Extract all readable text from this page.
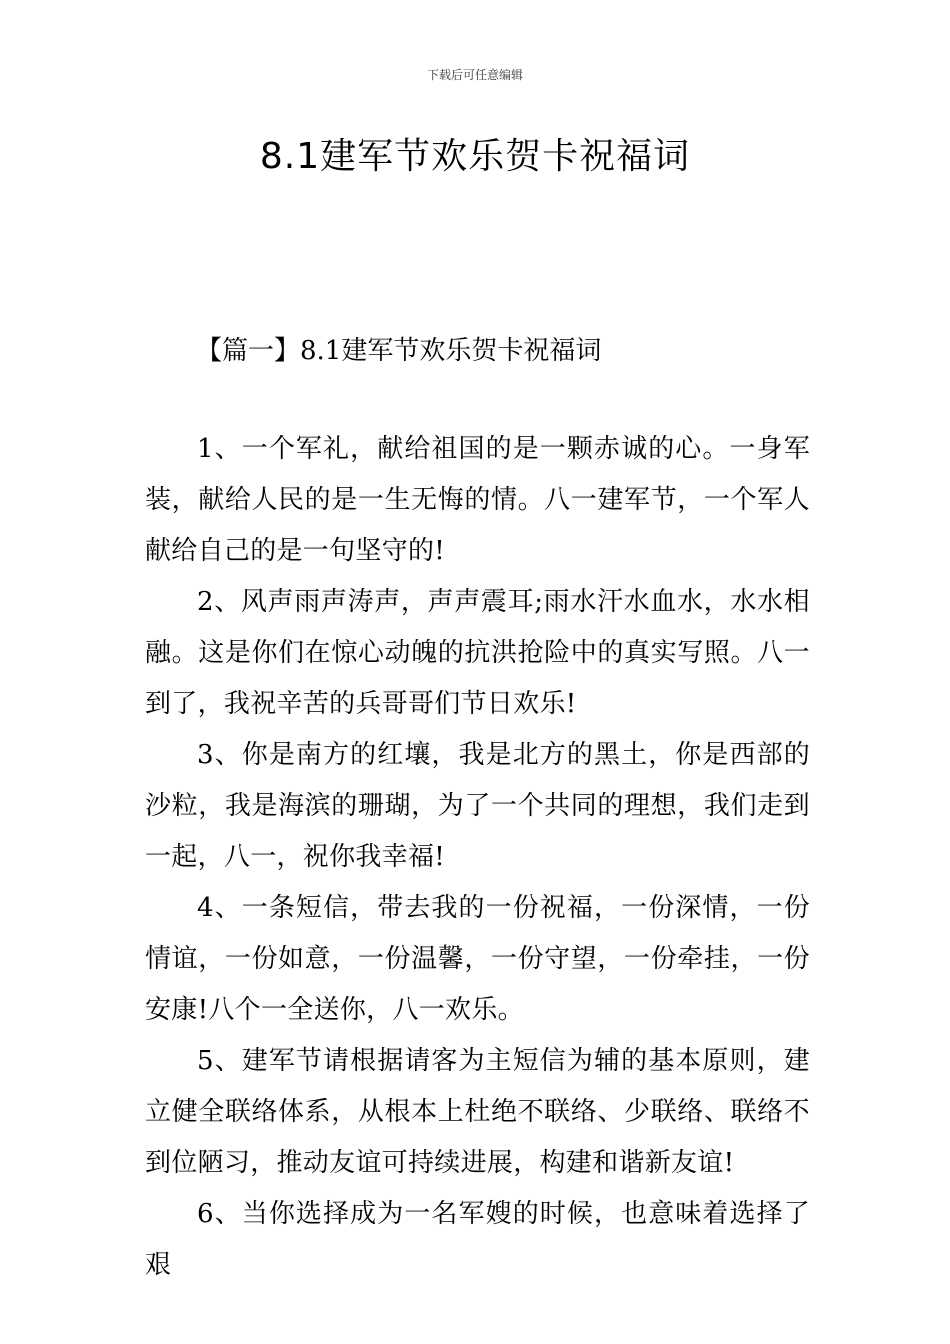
下载后可任意编辑
8.1建军节欢乐贺卡祝福词
【篇一】8.1建军节欢乐贺卡祝福词

1、一个军礼，献给祖国的是一颗赤诚的心。一身军装，献给人民的是一生无悔的情。八一建军节，一个军人献给自己的是一句坚守的!

2、风声雨声涛声，声声震耳;雨水汗水血水，水水相融。这是你们在惊心动魄的抗洪抢险中的真实写照。八一到了，我祝辛苦的兵哥哥们节日欢乐!

3、你是南方的红壤，我是北方的黑土，你是西部的沙粒，我是海滨的珊瑚，为了一个共同的理想，我们走到一起，八一，祝你我幸福!

4、一条短信，带去我的一份祝福，一份深情，一份情谊，一份如意，一份温馨，一份守望，一份牵挂，一份安康!八个一全送你，八一欢乐。

5、建军节请根据请客为主短信为辅的基本原则，建立健全联络体系，从根本上杜绝不联络、少联络、联络不到位陋习，推动友谊可持续进展，构建和谐新友谊!

6、当你选择成为一名军嫂的时候，也意味着选择了艰
